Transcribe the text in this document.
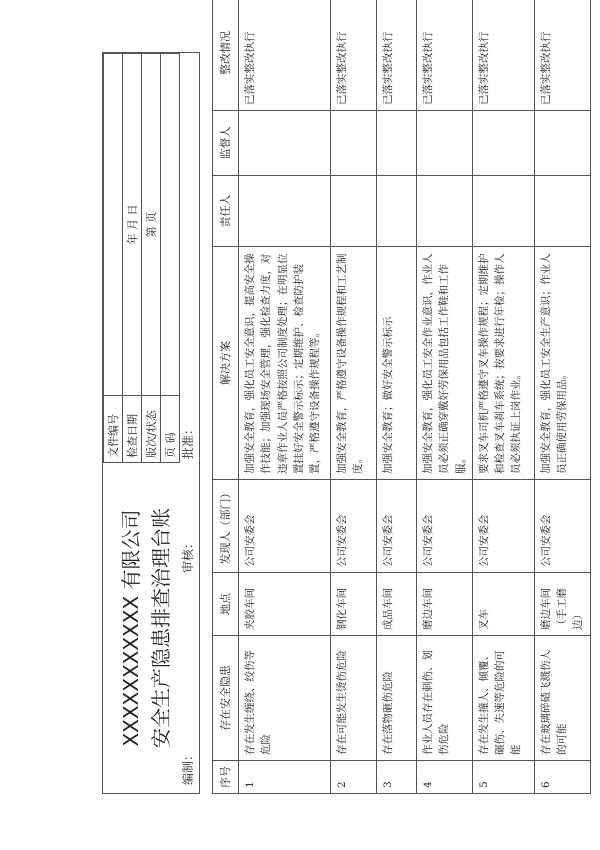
XXXXXXXXXXX 有限公司 安全生产隐患排查治理台账
文件编号	
检查日期	年 月 日
版次/状态	第 页
页 码	
编制：
审核：
批准：
序号	存在安全隐患	地点	发现人（部门）	解决方案	责任人	监督人	整改情况
1	存在发生缠绕、绞伤等危险	夹胶车间	公司安委会	加强安全教育，强化员工安全意识，提高安全操作技能；加强现场安全管理，强化检查力度，对违章作业人员严格按照公司制度处理；在明显位置挂好安全警示标示；定期维护、检查防护装置，严格遵守设备操作规程等。			已落实整改执行
2	存在可能发生烫伤危险	钢化车间	公司安委会	加强安全教育，严格遵守设备操作规程和工艺制度。			已落实整改执行
3	存在落物砸伤危险	成品车间	公司安委会	加强安全教育；做好安全警示标示			已落实整改执行
4	作业人员存在刺伤、划伤危险	磨边车间	公司安委会	加强安全教育，强化员工安全作业意识，作业人员必须正确穿戴好劳保用品包括工作鞋和工作服。			已落实整改执行
5	存在发生撞人、倾覆、碾伤、失速等危险的可能	叉车	公司安委会	要求叉车司机严格遵守叉车操作规程；定期维护和检查叉车刹车系统；按要求进行年检；操作人员必须执证上岗作业。			已落实整改执行
6	存在玻璃碎碴飞溅伤人的可能	磨边车间（手工磨边）	公司安委会	加强安全教育，强化员工安全生产意识；作业人员正确使用劳保用品。			已落实整改执行
